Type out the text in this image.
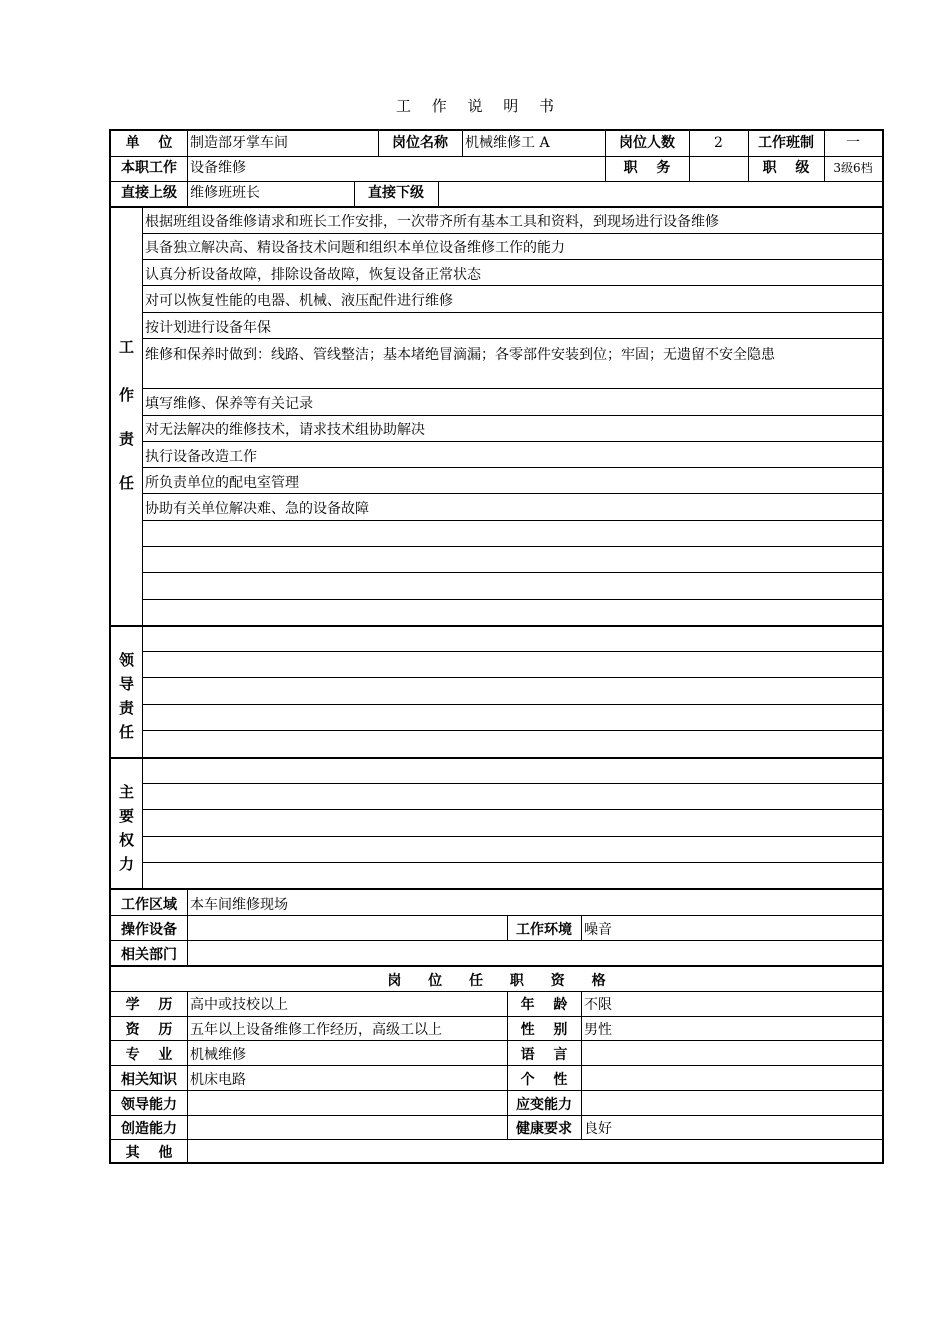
工 作 说 明 书
单 位	制造部牙掌车间	岗位名称	机械维修工 A	岗位人数	2	工作班制	一
本职工作 设备维修	职 务	职 级	3级6档
直接上级 维修班班长	直接下级
工
作
责
任
根据班组设备维修请求和班长工作安排，一次带齐所有基本工具和资料，到现场进行设备维修
具备独立解决高、精设备技术问题和组织本单位设备维修工作的能力
认真分析设备故障，排除设备故障，恢复设备正常状态
对可以恢复性能的电器、机械、液压配件进行维修
按计划进行设备年保
维修和保养时做到：线路、管线整洁；基本堵绝冒滴漏；各零部件安装到位；牢固；无遗留不安全隐患
填写维修、保养等有关记录
对无法解决的维修技术，请求技术组协助解决
执行设备改造工作
所负责单位的配电室管理
协助有关单位解决难、急的设备故障
领
导
责
任
主
要
权
力
工作区域 本车间维修现场
操作设备	工作环境 噪音
相关部门
岗 位 任 职 资 格
学 历	高中或技校以上	年 龄	不限
资 历	五年以上设备维修工作经历，高级工以上	性 别	男性
专 业	机械维修	语 言
相关知识 机床电路	个 性
领导能力	应变能力
创造能力	健康要求 良好
其 他
